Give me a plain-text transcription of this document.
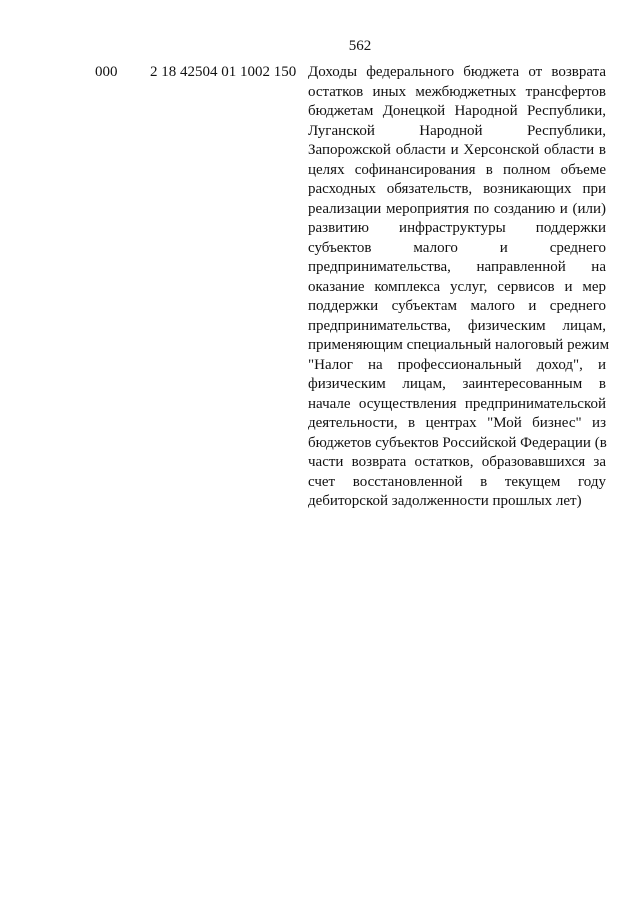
562
000 2 18 42504 01 1002 150 Доходы федерального бюджета от возврата
остатков иных межбюджетных трансфертов
бюджетам Донецкой Народной Республики,
Луганской Народной Республики,
Запорожской области и Херсонской области в
целях софинансирования в полном объеме
расходных обязательств, возникающих при
реализации мероприятия по созданию и (или)
развитию инфраструктуры поддержки
субъектов малого и среднего
предпринимательства, направленной на
оказание комплекса услуг, сервисов и мер
поддержки субъектам малого и среднего
предпринимательства, физическим лицам,
применяющим специальный налоговый режим
"Налог на профессиональный доход", и
физическим лицам, заинтересованным в
начале осуществления предпринимательской
деятельности, в центрах "Мой бизнес" из
бюджетов субъектов Российской Федерации (в
части возврата остатков, образовавшихся за
счет восстановленной в текущем году
дебиторской задолженности прошлых лет)
